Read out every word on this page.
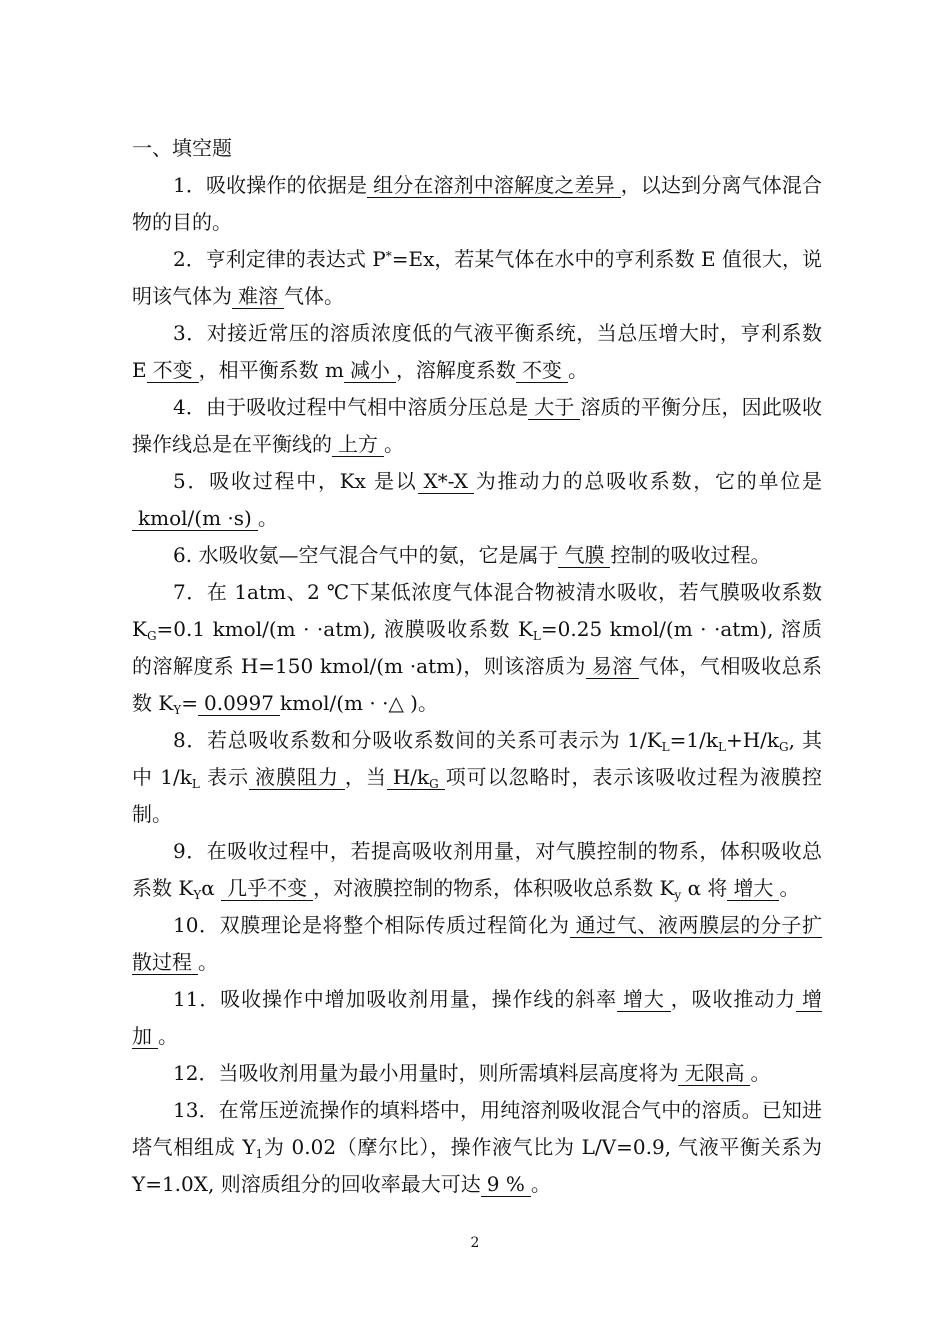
一、填空题

1．吸收操作的依据是 组分在溶剂中溶解度之差异 ，以达到分离气体混合物的目的。

2．亨利定律的表达式 P*=Ex，若某气体在水中的亨利系数 E 值很大，说明该气体为 难溶 气体。

3．对接近常压的溶质浓度低的气液平衡系统，当总压增大时，亨利系数 E 不变 ，相平衡系数 m 减小 ，溶解度系数 不变 。

4．由于吸收过程中气相中溶质分压总是 大于 溶质的平衡分压，因此吸收操作线总是在平衡线的 上方 。

5．吸收过程中，Kx 是以 X*-X 为推动力的总吸收系数，它的单位是kmol/(m ·s) 。

6. 水吸收氨—空气混合气中的氨，它是属于 气膜 控制的吸收过程。

7．在 1atm、2 ℃下某低浓度气体混合物被清水吸收，若气膜吸收系数 $K_G=0.1$ kmol/(m · ·atm), 液膜吸收系数 $K_L=0.25$ kmol/(m · ·atm), 溶质的溶解度系 H=150 kmol/(m ·atm)，则该溶质为 易溶 气体，气相吸收总系数 $K_Y= 0.0997$ kmol/(m · ·△ )。

8．若总吸收系数和分吸收系数间的关系可表示为 $1/K_L=1/k_L+H/k_G$, 其中 $1/k_L$ 表示 液膜阻力 ，当 $H/k_G$ 项可以忽略时，表示该吸收过程为液膜控制。

9．在吸收过程中，若提高吸收剂用量，对气膜控制的物系，体积吸收总系数 $K_Y\alpha$ 几乎不变 ，对液膜控制的物系，体积吸收总系数 $K_y$ α 将 增大 。

10．双膜理论是将整个相际传质过程简化为 通过气、液两膜层的分子扩散过程 。

11．吸收操作中增加吸收剂用量，操作线的斜率 增大 ，吸收推动力 增加 。

12．当吸收剂用量为最小用量时，则所需填料层高度将为 无限高 。

13．在常压逆流操作的填料塔中，用纯溶剂吸收混合气中的溶质。已知进塔气相组成 $Y_1$为 0.02（摩尔比），操作液气比为 L/V=0.9, 气液平衡关系为 Y=1.0X, 则溶质组分的回收率最大可达 9 % 。

2
